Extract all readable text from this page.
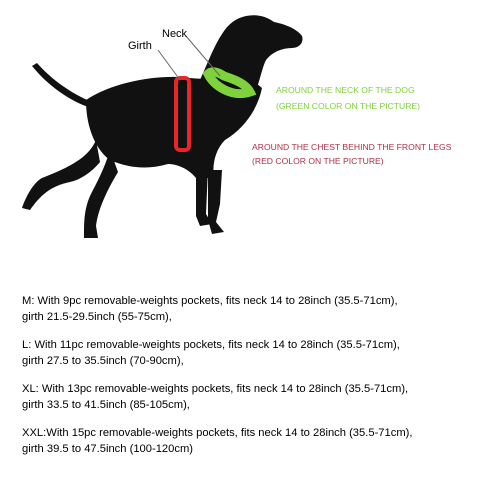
Neck
Girth
AROUND THE NECK OF THE DOG
(GREEN COLOR ON THE PICTURE)
AROUND THE CHEST BEHIND THE FRONT LEGS
(RED COLOR ON THE PICTURE)
M: With 9pc removable-weights pockets, fits neck 14 to 28inch (35.5-71cm),
girth 21.5-29.5inch (55-75cm),
L: With 11pc removable-weights pockets, fits neck 14 to 28inch (35.5-71cm),
girth 27.5 to 35.5inch (70-90cm),
XL: With 13pc removable-weights pockets, fits neck 14 to 28inch (35.5-71cm),
girth 33.5 to 41.5inch (85-105cm),
XXL:With 15pc removable-weights pockets, fits neck 14 to 28inch (35.5-71cm),
girth 39.5 to 47.5inch (100-120cm)
